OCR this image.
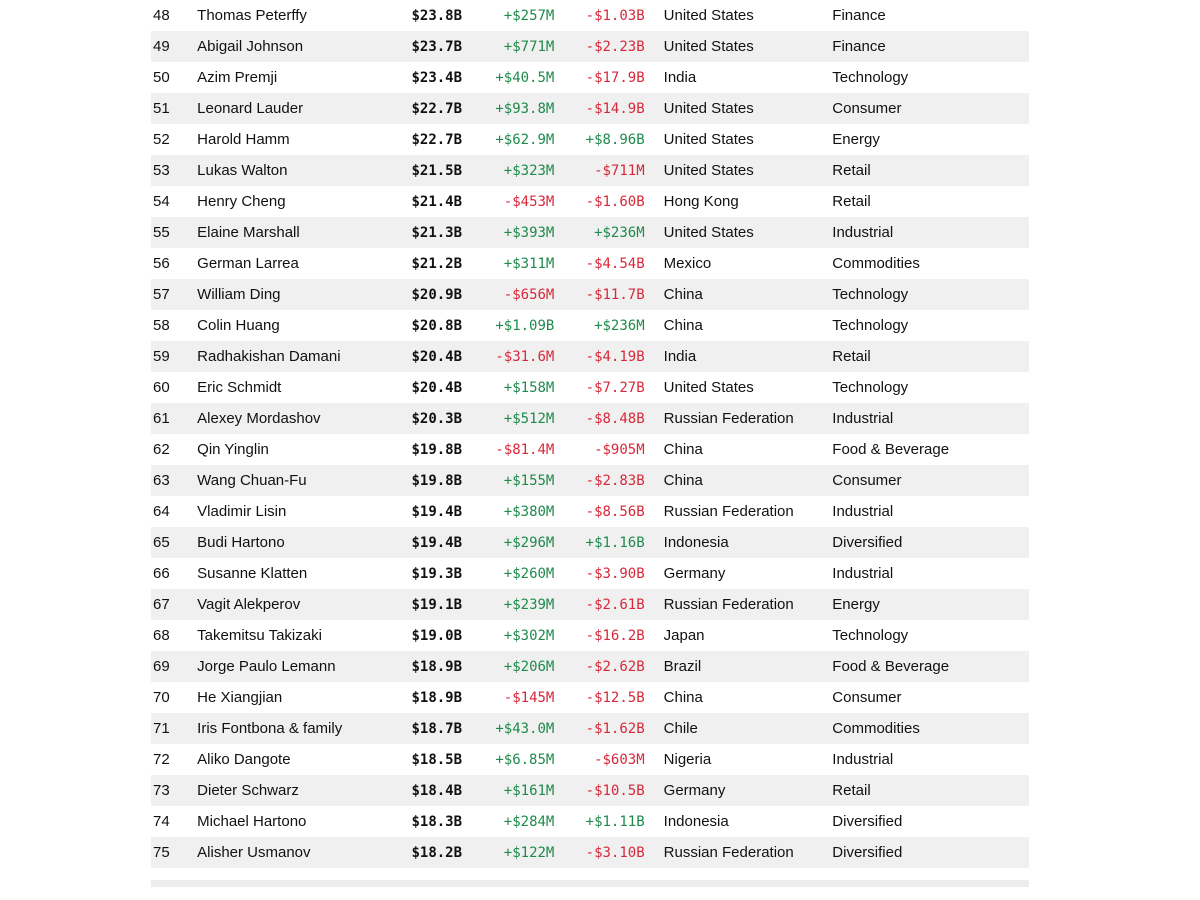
48	Thomas Peterffy	$23.8B	+$257M	-$1.03B	United States	Finance
49	Abigail Johnson	$23.7B	+$771M	-$2.23B	United States	Finance
50	Azim Premji	$23.4B	+$40.5M	-$17.9B	India	Technology
51	Leonard Lauder	$22.7B	+$93.8M	-$14.9B	United States	Consumer
52	Harold Hamm	$22.7B	+$62.9M	+$8.96B	United States	Energy
53	Lukas Walton	$21.5B	+$323M	-$711M	United States	Retail
54	Henry Cheng	$21.4B	-$453M	-$1.60B	Hong Kong	Retail
55	Elaine Marshall	$21.3B	+$393M	+$236M	United States	Industrial
56	German Larrea	$21.2B	+$311M	-$4.54B	Mexico	Commodities
57	William Ding	$20.9B	-$656M	-$11.7B	China	Technology
58	Colin Huang	$20.8B	+$1.09B	+$236M	China	Technology
59	Radhakishan Damani	$20.4B	-$31.6M	-$4.19B	India	Retail
60	Eric Schmidt	$20.4B	+$158M	-$7.27B	United States	Technology
61	Alexey Mordashov	$20.3B	+$512M	-$8.48B	Russian Federation	Industrial
62	Qin Yinglin	$19.8B	-$81.4M	-$905M	China	Food & Beverage
63	Wang Chuan-Fu	$19.8B	+$155M	-$2.83B	China	Consumer
64	Vladimir Lisin	$19.4B	+$380M	-$8.56B	Russian Federation	Industrial
65	Budi Hartono	$19.4B	+$296M	+$1.16B	Indonesia	Diversified
66	Susanne Klatten	$19.3B	+$260M	-$3.90B	Germany	Industrial
67	Vagit Alekperov	$19.1B	+$239M	-$2.61B	Russian Federation	Energy
68	Takemitsu Takizaki	$19.0B	+$302M	-$16.2B	Japan	Technology
69	Jorge Paulo Lemann	$18.9B	+$206M	-$2.62B	Brazil	Food & Beverage
70	He Xiangjian	$18.9B	-$145M	-$12.5B	China	Consumer
71	Iris Fontbona & family	$18.7B	+$43.0M	-$1.62B	Chile	Commodities
72	Aliko Dangote	$18.5B	+$6.85M	-$603M	Nigeria	Industrial
73	Dieter Schwarz	$18.4B	+$161M	-$10.5B	Germany	Retail
74	Michael Hartono	$18.3B	+$284M	+$1.11B	Indonesia	Diversified
75	Alisher Usmanov	$18.2B	+$122M	-$3.10B	Russian Federation	Diversified
